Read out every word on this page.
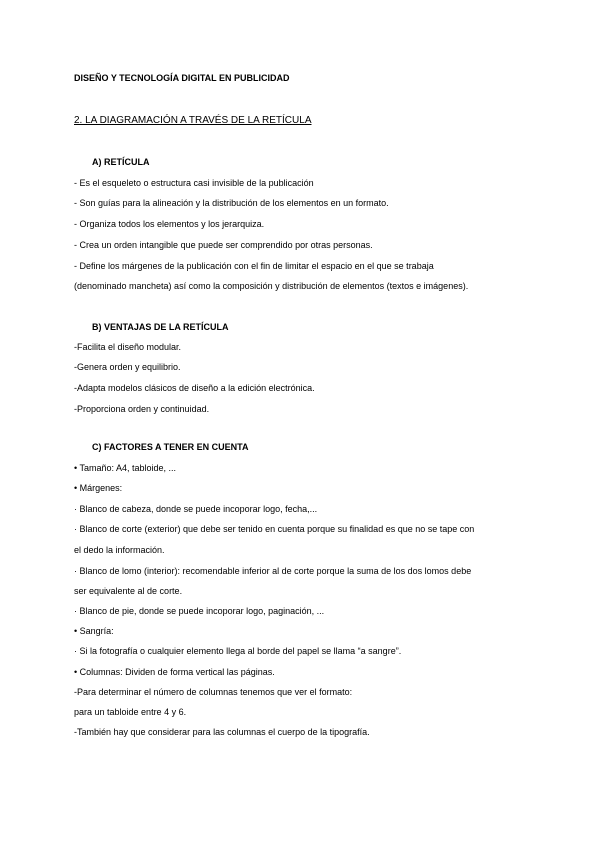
DISEÑO Y TECNOLOGÍA DIGITAL EN PUBLICIDAD
2. LA DIAGRAMACIÓN A TRAVÉS DE LA RETÍCULA
A) RETÍCULA
- Es el esqueleto o estructura casi invisible de la publicación
- Son guías para la alineación y la distribución de los elementos en un formato.
- Organiza todos los elementos y los jerarquiza.
- Crea un orden intangible que puede ser comprendido por otras personas.
- Define los márgenes de la publicación con el fin de limitar el espacio en el que se trabaja
(denominado mancheta) así como la composición y distribución de elementos (textos e imágenes).
B) VENTAJAS DE LA RETÍCULA
-Facilita el diseño modular.
-Genera orden y equilibrio.
-Adapta modelos clásicos de diseño a la edición electrónica.
-Proporciona orden y continuidad.
C) FACTORES A TENER EN CUENTA
• Tamaño: A4, tabloide, ...
• Márgenes:
· Blanco de cabeza, donde se puede incoporar logo, fecha,...
· Blanco de corte (exterior) que debe ser tenido en cuenta porque su finalidad es que no se tape con
el dedo la información.
· Blanco de lomo (interior): recomendable inferior al de corte porque la suma de los dos lomos debe
ser equivalente al de corte.
· Blanco de pie, donde se puede incoporar logo, paginación, ...
• Sangría:
· Si la fotografía o cualquier elemento llega al borde del papel se llama “a sangre”.
• Columnas: Dividen de forma vertical las páginas.
-Para determinar el número de columnas tenemos que ver el formato:
para un tabloide entre 4 y 6.
-También hay que considerar para las columnas el cuerpo de la tipografía.
